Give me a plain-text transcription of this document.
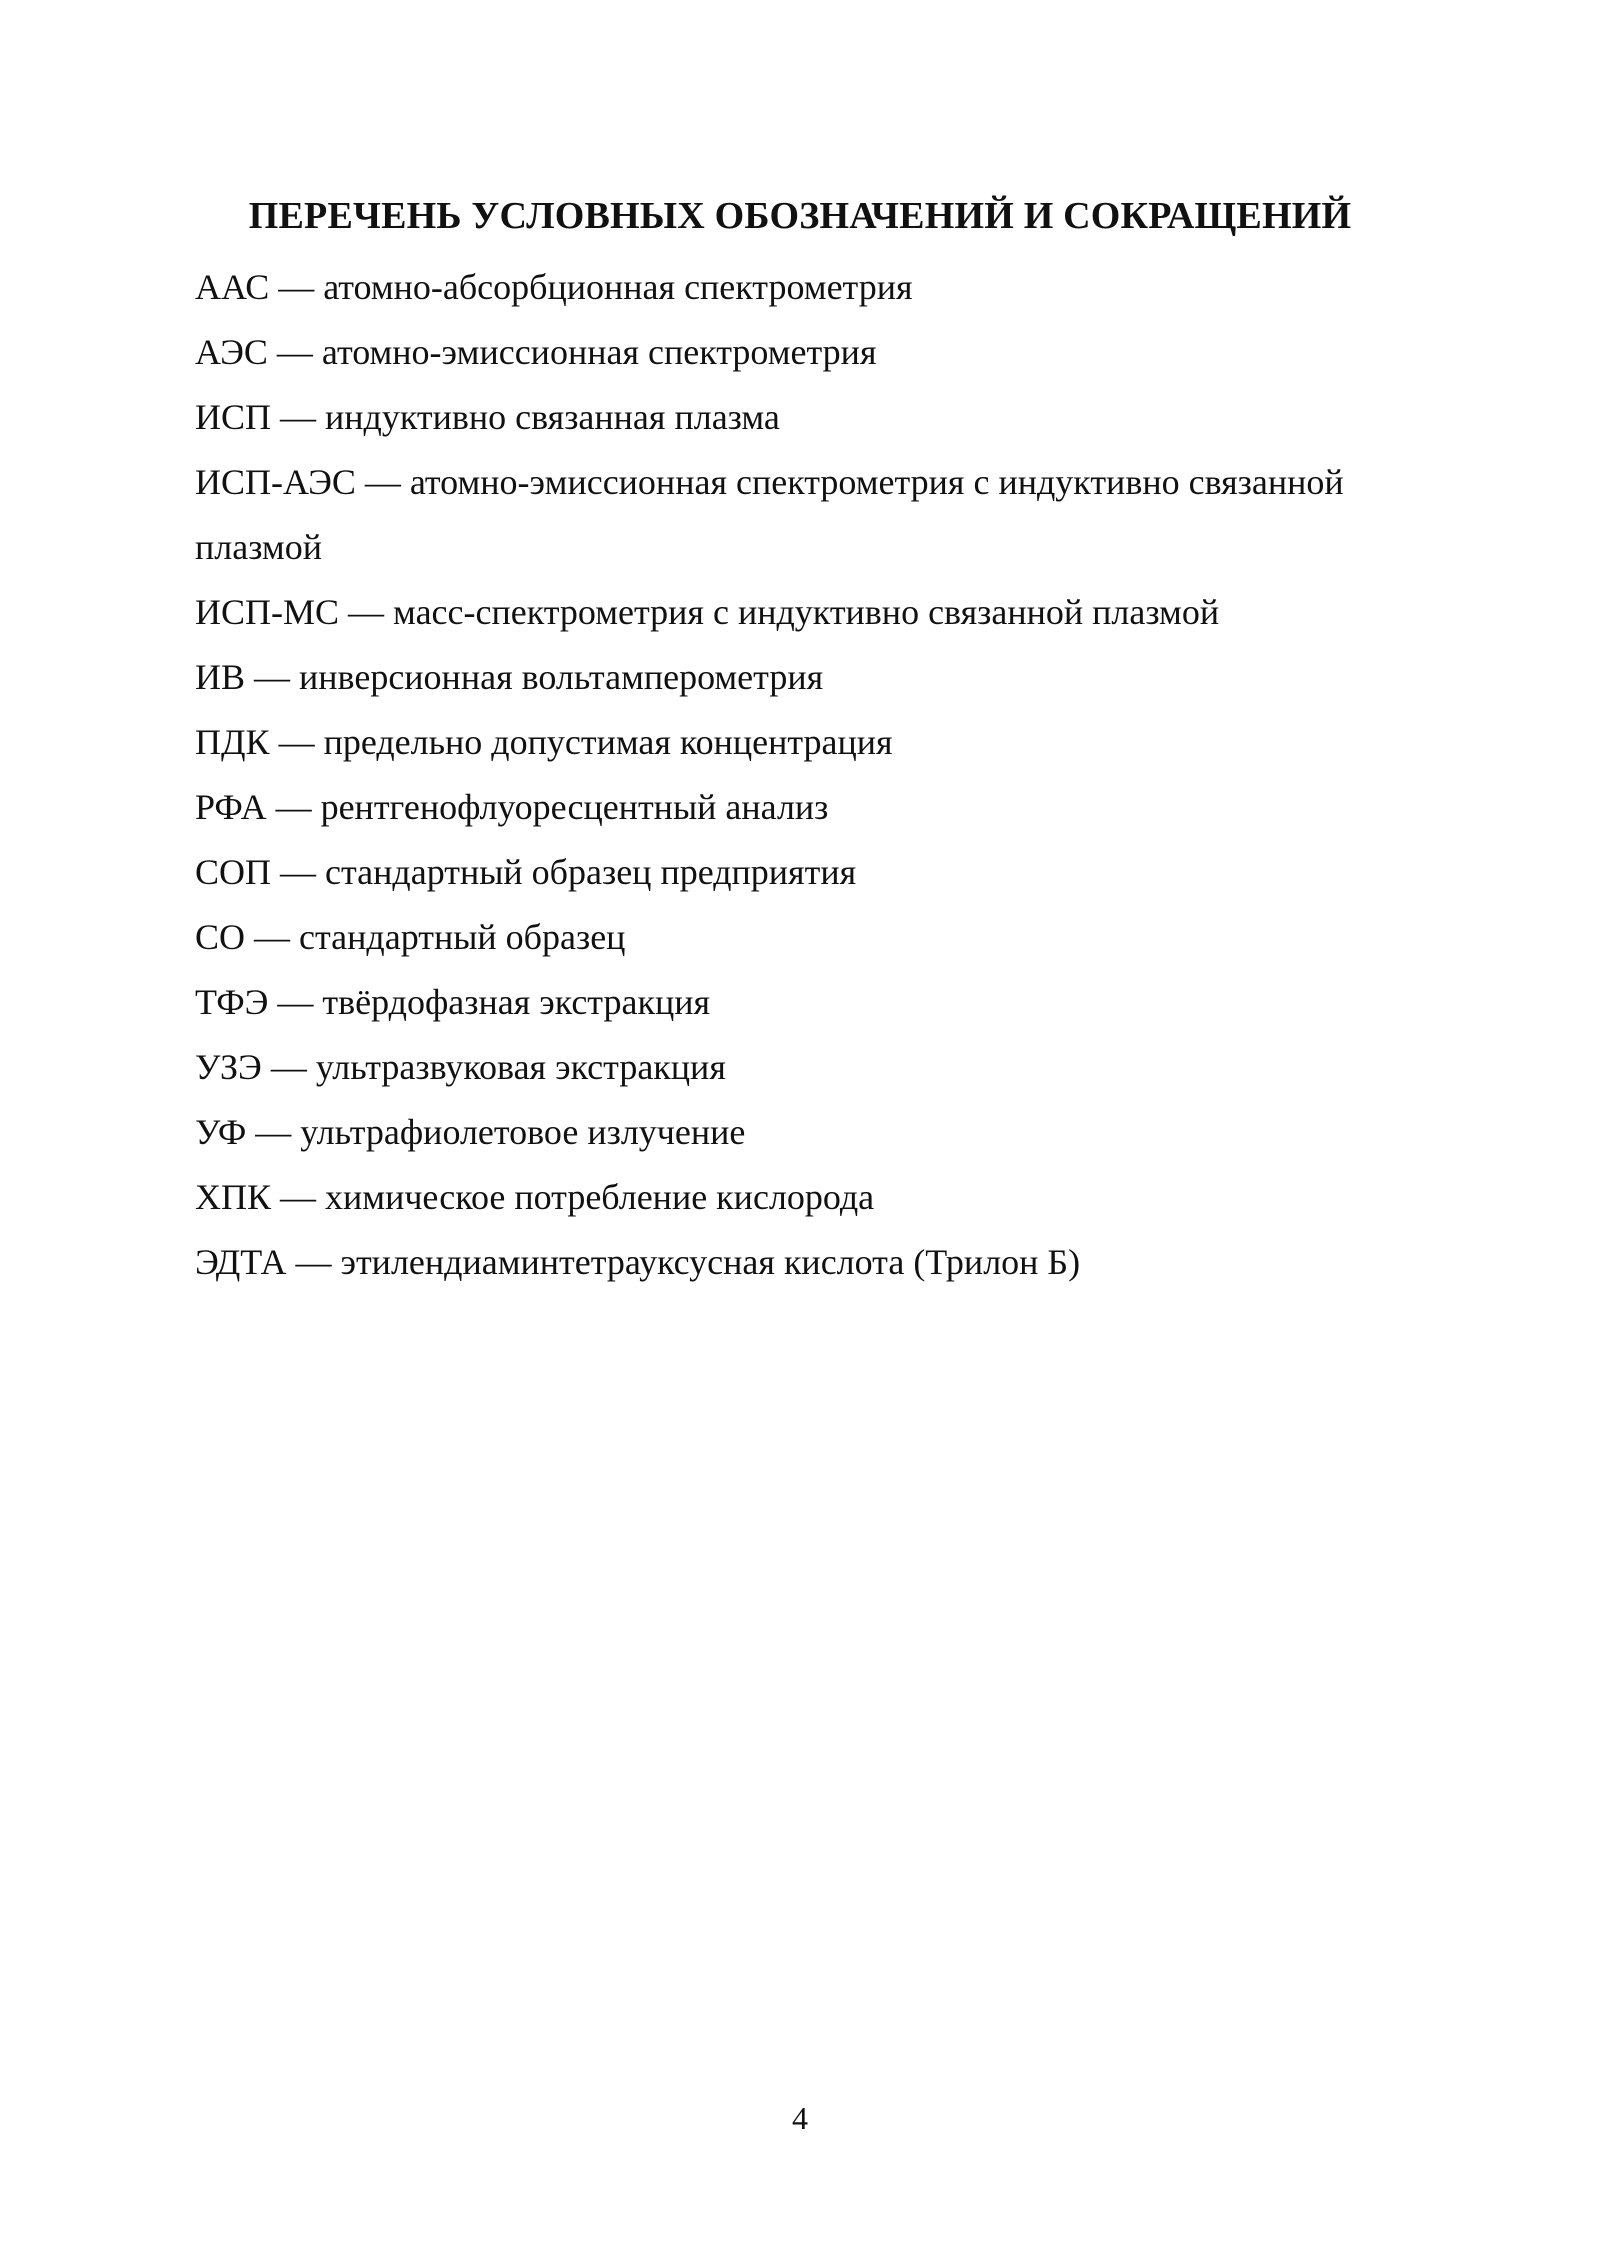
ПЕРЕЧЕНЬ УСЛОВНЫХ ОБОЗНАЧЕНИЙ И СОКРАЩЕНИЙ
ААС — атомно-абсорбционная спектрометрия
АЭС — атомно-эмиссионная спектрометрия
ИСП — индуктивно связанная плазма
ИСП-АЭС — атомно-эмиссионная спектрометрия с индуктивно связанной плазмой
ИСП-МС — масс-спектрометрия с индуктивно связанной плазмой
ИВ — инверсионная вольтамперометрия
ПДК — предельно допустимая концентрация
РФА — рентгенофлуоресцентный анализ
СОП — стандартный образец предприятия
СО — стандартный образец
ТФЭ — твёрдофазная экстракция
УЗЭ — ультразвуковая экстракция
УФ — ультрафиолетовое излучение
ХПК — химическое потребление кислорода
ЭДТА — этилендиаминтетрауксусная кислота (Трилон Б)
4
